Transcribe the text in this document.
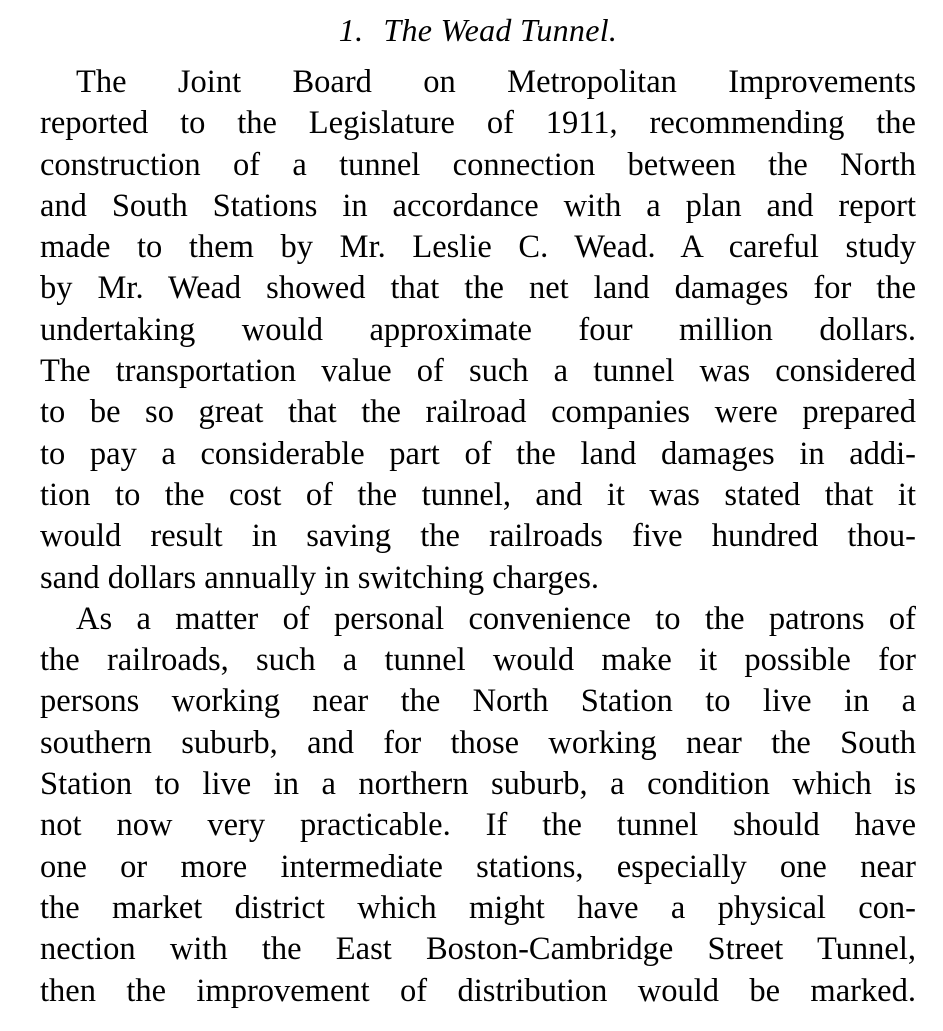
1. The Wead Tunnel.
The Joint Board on Metropolitan Improvements
reported to the Legislature of 1911, recommending the
construction of a tunnel connection between the North
and South Stations in accordance with a plan and report
made to them by Mr. Leslie C. Wead. A careful study
by Mr. Wead showed that the net land damages for the
undertaking would approximate four million dollars.
The transportation value of such a tunnel was considered
to be so great that the railroad companies were prepared
to pay a considerable part of the land damages in addi-
tion to the cost of the tunnel, and it was stated that it
would result in saving the railroads five hundred thou-
sand dollars annually in switching charges.
As a matter of personal convenience to the patrons of
the railroads, such a tunnel would make it possible for
persons working near the North Station to live in a
southern suburb, and for those working near the South
Station to live in a northern suburb, a condition which is
not now very practicable. If the tunnel should have
one or more intermediate stations, especially one near
the market district which might have a physical con-
nection with the East Boston-Cambridge Street Tunnel,
then the improvement of distribution would be marked.
